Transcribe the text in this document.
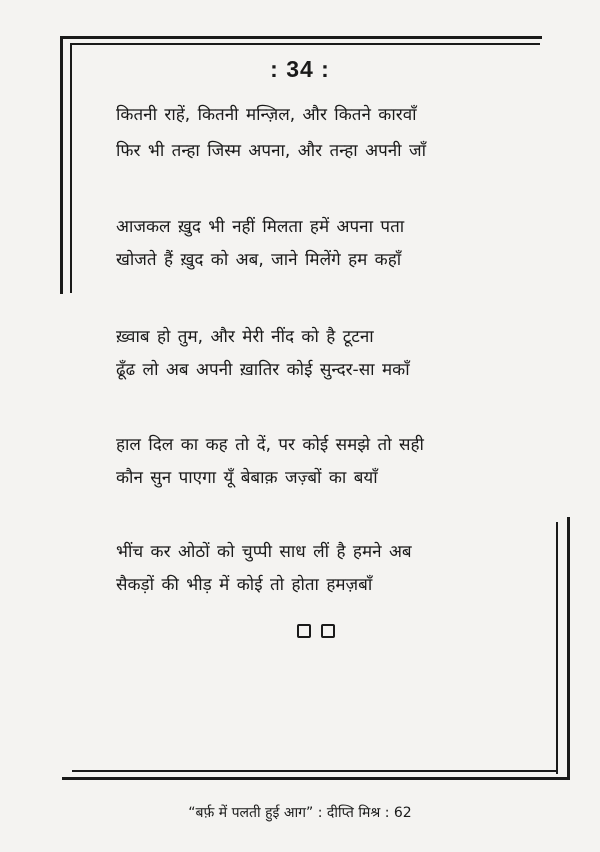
: 34 :
कितनी राहें, कितनी मन्ज़िल, और कितने कारवाँ
फिर भी तन्हा जिस्म अपना, और तन्हा अपनी जाँ
आजकल ख़ुद भी नहीं मिलता हमें अपना पता
खोजते हैं ख़ुद को अब, जाने मिलेंगे हम कहाँ
ख़्वाब हो तुम, और मेरी नींद को है टूटना
ढूँढ लो अब अपनी ख़ातिर कोई सुन्दर-सा मकाँ
हाल दिल का कह तो दें, पर कोई समझे तो सही
कौन सुन पाएगा यूँ बेबाक़ जज़्बों का बयाँ
भींच कर ओठों को चुप्पी साध लीं है हमने अब
सैकड़ों की भीड़ में कोई तो होता हमज़बाँ
“बर्फ़ में पलती हुई आग” : दीप्ति मिश्र : 62
